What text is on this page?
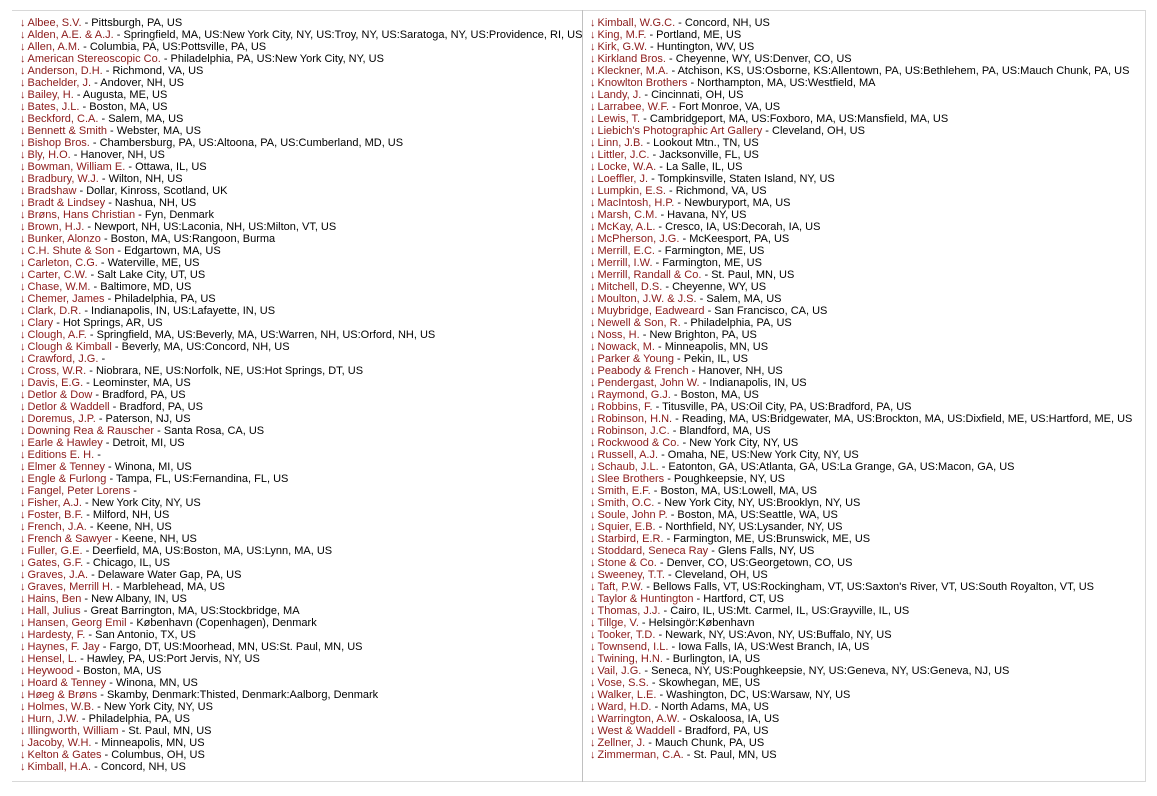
↓ Albee, S.V. - Pittsburgh, PA, US
↓ Alden, A.E. & A.J. - Springfield, MA, US:New York City, NY, US:Troy, NY, US:Saratoga, NY, US:Providence, RI, US
↓ Allen, A.M. - Columbia, PA, US:Pottsville, PA, US
↓ American Stereoscopic Co. - Philadelphia, PA, US:New York City, NY, US
↓ Anderson, D.H. - Richmond, VA, US
↓ Bachelder, J. - Andover, NH, US
↓ Bailey, H. - Augusta, ME, US
↓ Bates, J.L. - Boston, MA, US
↓ Beckford, C.A. - Salem, MA, US
↓ Bennett & Smith - Webster, MA, US
↓ Bishop Bros. - Chambersburg, PA, US:Altoona, PA, US:Cumberland, MD, US
↓ Bly, H.O. - Hanover, NH, US
↓ Bowman, William E. - Ottawa, IL, US
↓ Bradbury, W.J. - Wilton, NH, US
↓ Bradshaw - Dollar, Kinross, Scotland, UK
↓ Bradt & Lindsey - Nashua, NH, US
↓ Brøns, Hans Christian - Fyn, Denmark
↓ Brown, H.J. - Newport, NH, US:Laconia, NH, US:Milton, VT, US
↓ Bunker, Alonzo - Boston, MA, US:Rangoon, Burma
↓ C.H. Shute & Son - Edgartown, MA, US
↓ Carleton, C.G. - Waterville, ME, US
↓ Carter, C.W. - Salt Lake City, UT, US
↓ Chase, W.M. - Baltimore, MD, US
↓ Chemer, James - Philadelphia, PA, US
↓ Clark, D.R. - Indianapolis, IN, US:Lafayette, IN, US
↓ Clary - Hot Springs, AR, US
↓ Clough, A.F. - Springfield, MA, US:Beverly, MA, US:Warren, NH, US:Orford, NH, US
↓ Clough & Kimball - Beverly, MA, US:Concord, NH, US
↓ Crawford, J.G. -
↓ Cross, W.R. - Niobrara, NE, US:Norfolk, NE, US:Hot Springs, DT, US
↓ Davis, E.G. - Leominster, MA, US
↓ Detlor & Dow - Bradford, PA, US
↓ Detlor & Waddell - Bradford, PA, US
↓ Doremus, J.P. - Paterson, NJ, US
↓ Downing Rea & Rauscher - Santa Rosa, CA, US
↓ Earle & Hawley - Detroit, MI, US
↓ Editions E. H. -
↓ Elmer & Tenney - Winona, MI, US
↓ Engle & Furlong - Tampa, FL, US:Fernandina, FL, US
↓ Fangel, Peter Lorens -
↓ Fisher, A.J. - New York City, NY, US
↓ Foster, B.F. - Milford, NH, US
↓ French, J.A. - Keene, NH, US
↓ French & Sawyer - Keene, NH, US
↓ Fuller, G.E. - Deerfield, MA, US:Boston, MA, US:Lynn, MA, US
↓ Gates, G.F. - Chicago, IL, US
↓ Graves, J.A. - Delaware Water Gap, PA, US
↓ Graves, Merrill H. - Marblehead, MA, US
↓ Hains, Ben - New Albany, IN, US
↓ Hall, Julius - Great Barrington, MA, US:Stockbridge, MA
↓ Hansen, Georg Emil - København (Copenhagen), Denmark
↓ Hardesty, F. - San Antonio, TX, US
↓ Haynes, F. Jay - Fargo, DT, US:Moorhead, MN, US:St. Paul, MN, US
↓ Hensel, L. - Hawley, PA, US:Port Jervis, NY, US
↓ Heywood - Boston, MA, US
↓ Hoard & Tenney - Winona, MN, US
↓ Høeg & Brøns - Skamby, Denmark:Thisted, Denmark:Aalborg, Denmark
↓ Holmes, W.B. - New York City, NY, US
↓ Hurn, J.W. - Philadelphia, PA, US
↓ Illingworth, William - St. Paul, MN, US
↓ Jacoby, W.H. - Minneapolis, MN, US
↓ Kelton & Gates - Columbus, OH, US
↓ Kimball, H.A. - Concord, NH, US
↓ Kimball, W.G.C. - Concord, NH, US
↓ King, M.F. - Portland, ME, US
↓ Kirk, G.W. - Huntington, WV, US
↓ Kirkland Bros. - Cheyenne, WY, US:Denver, CO, US
↓ Kleckner, M.A. - Atchison, KS, US:Osborne, KS:Allentown, PA, US:Bethlehem, PA, US:Mauch Chunk, PA, US
↓ Knowlton Brothers - Northampton, MA, US:Westfield, MA
↓ Landy, J. - Cincinnati, OH, US
↓ Larrabee, W.F. - Fort Monroe, VA, US
↓ Lewis, T. - Cambridgeport, MA, US:Foxboro, MA, US:Mansfield, MA, US
↓ Liebich's Photographic Art Gallery - Cleveland, OH, US
↓ Linn, J.B. - Lookout Mtn., TN, US
↓ Littler, J.C. - Jacksonville, FL, US
↓ Locke, W.A. - La Salle, IL, US
↓ Loeffler, J. - Tompkinsville, Staten Island, NY, US
↓ Lumpkin, E.S. - Richmond, VA, US
↓ MacIntosh, H.P. - Newburyport, MA, US
↓ Marsh, C.M. - Havana, NY, US
↓ McKay, A.L. - Cresco, IA, US:Decorah, IA, US
↓ McPherson, J.G. - McKeesport, PA, US
↓ Merrill, E.C. - Farmington, ME, US
↓ Merrill, I.W. - Farmington, ME, US
↓ Merrill, Randall & Co. - St. Paul, MN, US
↓ Mitchell, D.S. - Cheyenne, WY, US
↓ Moulton, J.W. & J.S. - Salem, MA, US
↓ Muybridge, Eadweard - San Francisco, CA, US
↓ Newell & Son, R. - Philadelphia, PA, US
↓ Noss, H. - New Brighton, PA, US
↓ Nowack, M. - Minneapolis, MN, US
↓ Parker & Young - Pekin, IL, US
↓ Peabody & French - Hanover, NH, US
↓ Pendergast, John W. - Indianapolis, IN, US
↓ Raymond, G.J. - Boston, MA, US
↓ Robbins, F. - Titusville, PA, US:Oil City, PA, US:Bradford, PA, US
↓ Robinson, H.N. - Reading, MA, US:Bridgewater, MA, US:Brockton, MA, US:Dixfield, ME, US:Hartford, ME, US
↓ Robinson, J.C. - Blandford, MA, US
↓ Rockwood & Co. - New York City, NY, US
↓ Russell, A.J. - Omaha, NE, US:New York City, NY, US
↓ Schaub, J.L. - Eatonton, GA, US:Atlanta, GA, US:La Grange, GA, US:Macon, GA, US
↓ Slee Brothers - Poughkeepsie, NY, US
↓ Smith, E.F. - Boston, MA, US:Lowell, MA, US
↓ Smith, O.C. - New York City, NY, US:Brooklyn, NY, US
↓ Soule, John P. - Boston, MA, US:Seattle, WA, US
↓ Squier, E.B. - Northfield, NY, US:Lysander, NY, US
↓ Starbird, E.R. - Farmington, ME, US:Brunswick, ME, US
↓ Stoddard, Seneca Ray - Glens Falls, NY, US
↓ Stone & Co. - Denver, CO, US:Georgetown, CO, US
↓ Sweeney, T.T. - Cleveland, OH, US
↓ Taft, P.W. - Bellows Falls, VT, US:Rockingham, VT, US:Saxton's River, VT, US:South Royalton, VT, US
↓ Taylor & Huntington - Hartford, CT, US
↓ Thomas, J.J. - Cairo, IL, US:Mt. Carmel, IL, US:Grayville, IL, US
↓ Tillge, V. - Helsingör:København
↓ Tooker, T.D. - Newark, NY, US:Avon, NY, US:Buffalo, NY, US
↓ Townsend, I.L. - Iowa Falls, IA, US:West Branch, IA, US
↓ Twining, H.N. - Burlington, IA, US
↓ Vail, J.G. - Seneca, NY, US:Poughkeepsie, NY, US:Geneva, NY, US:Geneva, NJ, US
↓ Vose, S.S. - Skowhegan, ME, US
↓ Walker, L.E. - Washington, DC, US:Warsaw, NY, US
↓ Ward, H.D. - North Adams, MA, US
↓ Warrington, A.W. - Oskaloosa, IA, US
↓ West & Waddell - Bradford, PA, US
↓ Zellner, J. - Mauch Chunk, PA, US
↓ Zimmerman, C.A. - St. Paul, MN, US
